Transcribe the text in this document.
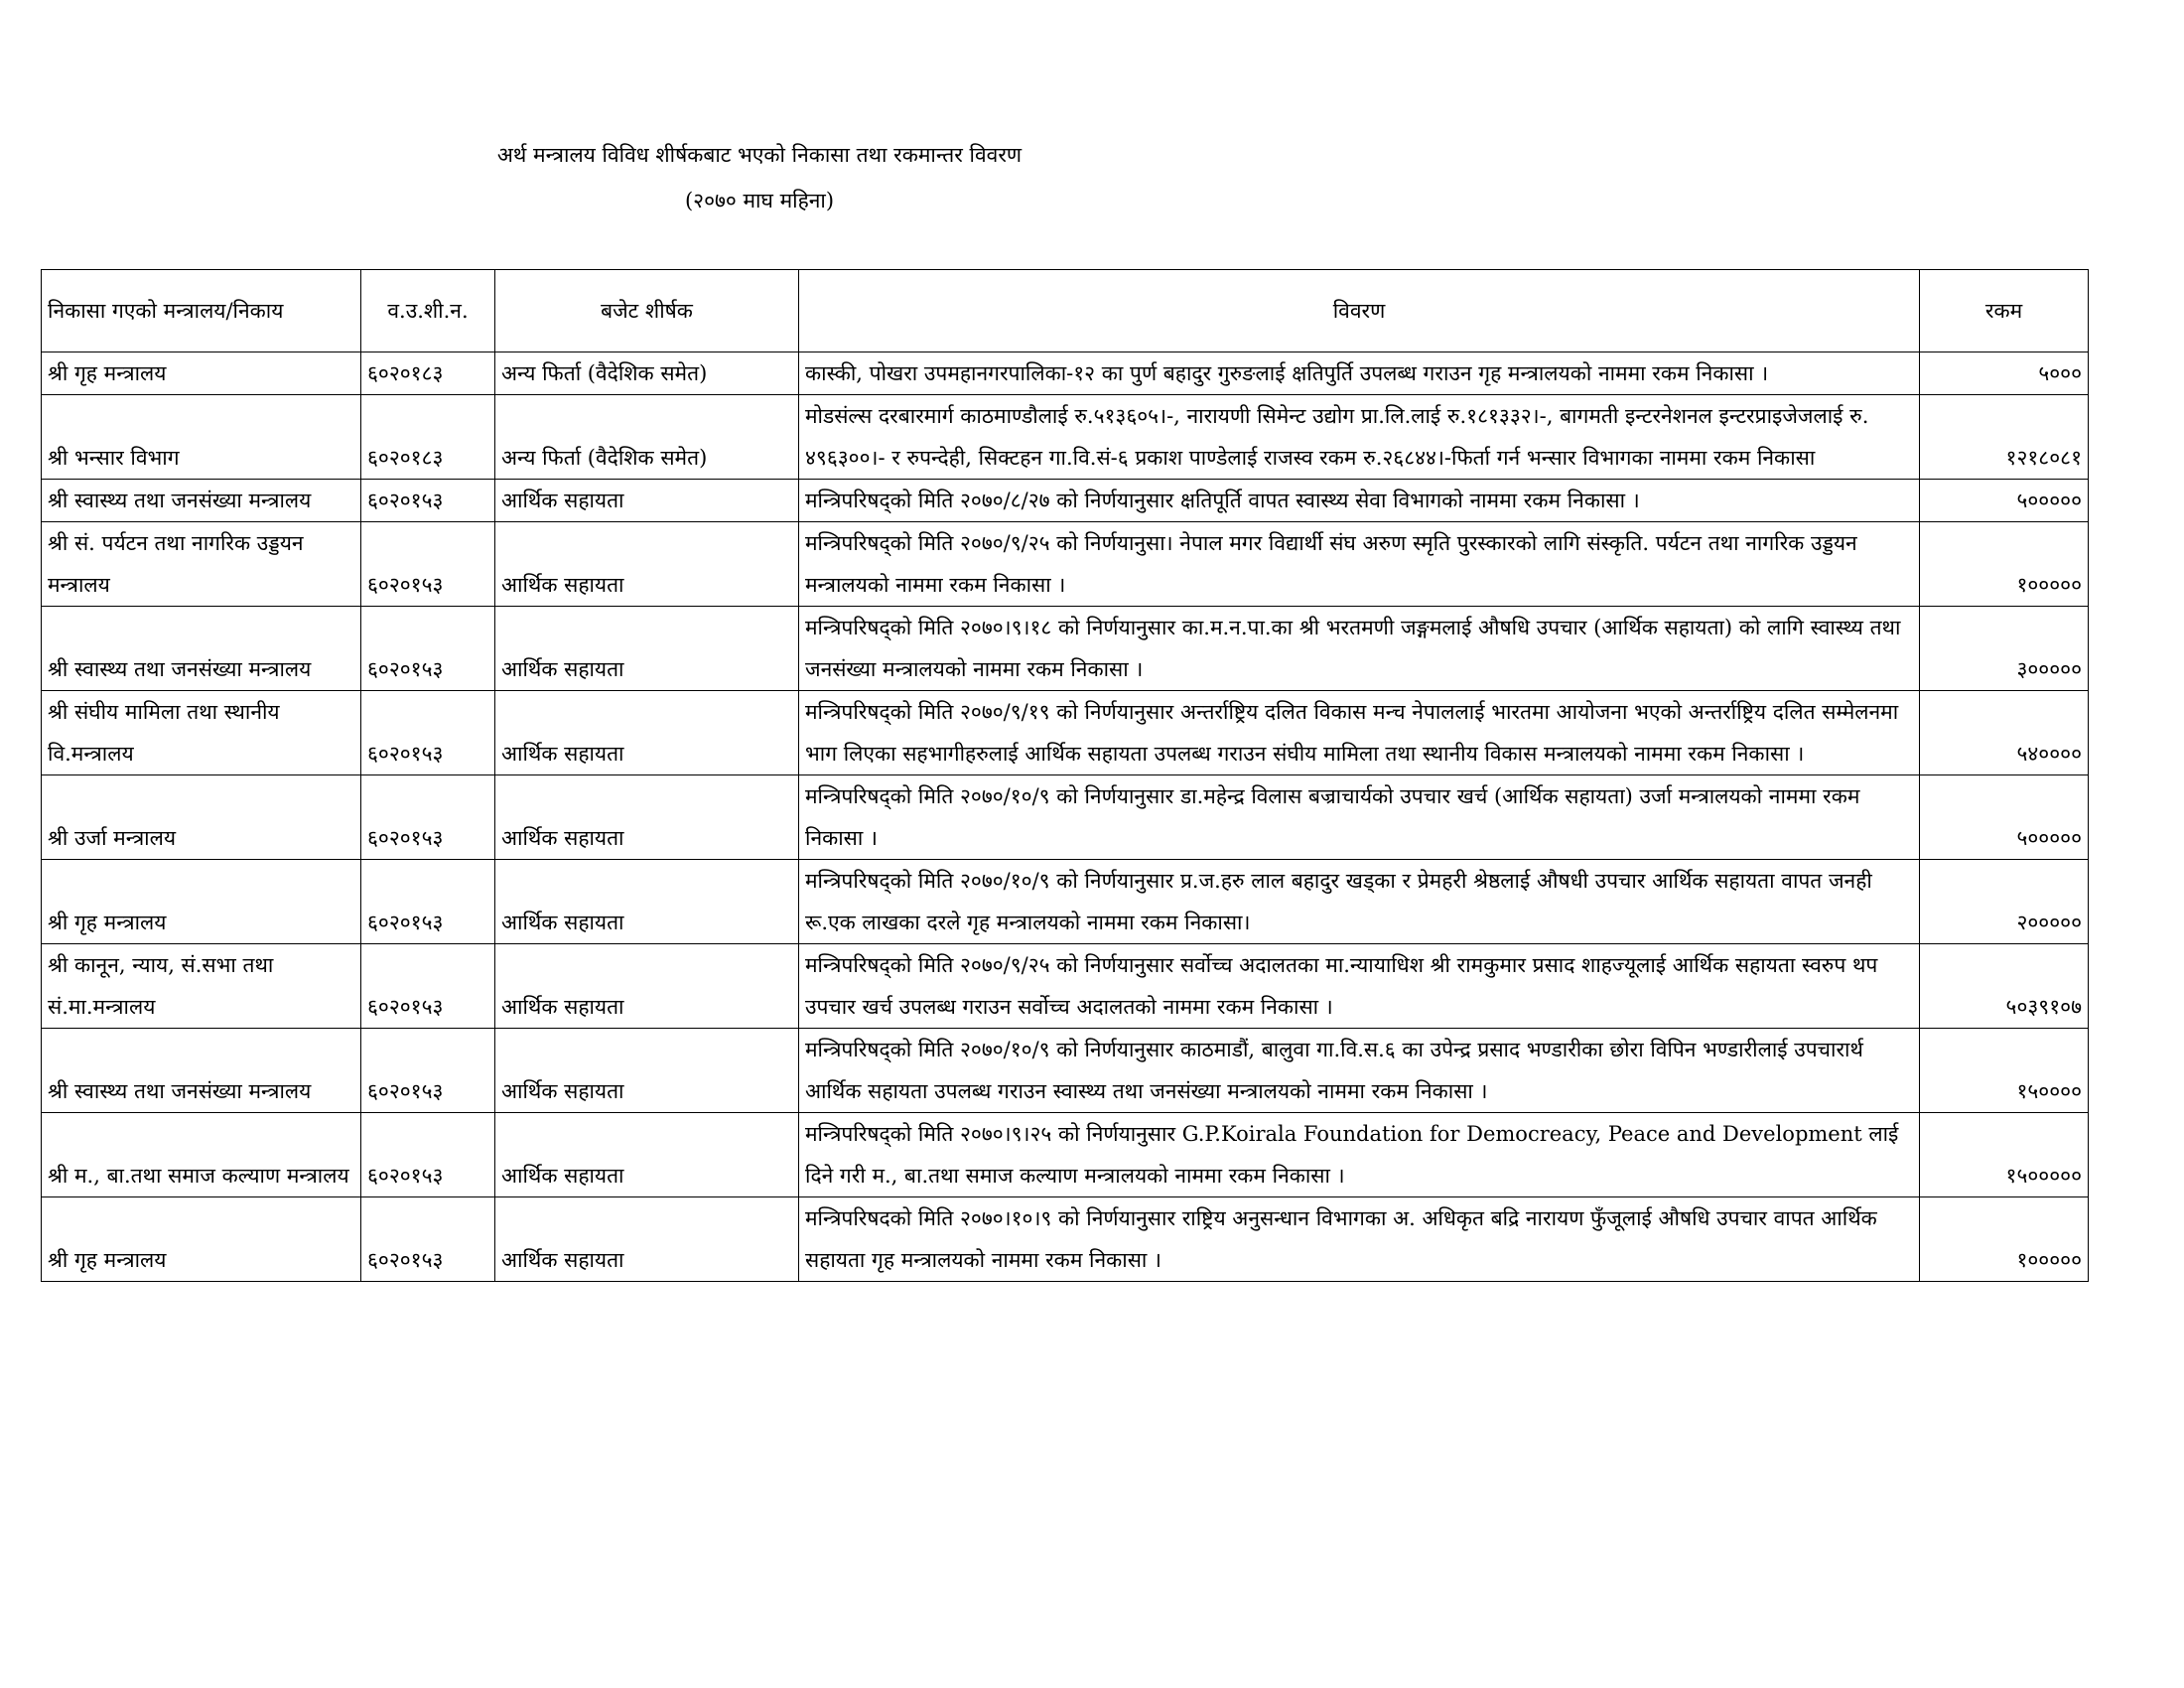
अर्थ मन्त्रालय विविध शीर्षकबाट भएको निकासा तथा रकमान्तर विवरण
(२०७० माघ महिना)
निकासा गएको मन्त्रालय/निकाय	व.उ.शी.न.	बजेट शीर्षक	विवरण	रकम
श्री गृह मन्त्रालय	६०२०१८३	अन्य फिर्ता (वैदेशिक समेत)	कास्की, पोखरा उपमहानगरपालिका-१२ का पुर्ण बहादुर गुरुङलाई क्षतिपुर्ति उपलब्ध गराउन गृह मन्त्रालयको नाममा रकम निकासा ।	५०००
श्री भन्सार विभाग	६०२०१८३	अन्य फिर्ता (वैदेशिक समेत)	मोडसंल्स दरबारमार्ग काठमाण्डौलाई रु.५१३६०५।-, नारायणी सिमेन्ट उद्योग प्रा.लि.लाई रु.१८१३३२।-, बागमती इन्टरनेशनल इन्टरप्राइजेजलाई रु. ४९६३००।- र रुपन्देही, सिक्टहन गा.वि.सं-६ प्रकाश पाण्डेलाई राजस्व रकम रु.२६८४४।-फिर्ता गर्न भन्सार विभागका नाममा रकम निकासा	१२१८०८१
श्री स्वास्थ्य तथा जनसंख्या मन्त्रालय	६०२०१५३	आर्थिक सहायता	मन्त्रिपरिषद्को मिति २०७०/८/२७ को निर्णयानुसार क्षतिपूर्ति वापत स्वास्थ्य सेवा विभागको नाममा रकम निकासा ।	५०००००
श्री सं. पर्यटन तथा नागरिक उड्डयन मन्त्रालय	६०२०१५३	आर्थिक सहायता	मन्त्रिपरिषद्को मिति २०७०/९/२५ को निर्णयानुसा। नेपाल मगर विद्यार्थी संघ अरुण स्मृति पुरस्कारको लागि संस्कृति. पर्यटन तथा नागरिक उड्डयन मन्त्रालयको नाममा रकम निकासा ।	१०००००
श्री स्वास्थ्य तथा जनसंख्या मन्त्रालय	६०२०१५३	आर्थिक सहायता	मन्त्रिपरिषद्को मिति २०७०।९।१८ को निर्णयानुसार का.म.न.पा.का श्री भरतमणी जङ्गमलाई औषधि उपचार (आर्थिक सहायता) को लागि स्वास्थ्य तथा जनसंख्या मन्त्रालयको नाममा रकम निकासा ।	३०००००
श्री संघीय मामिला तथा स्थानीय वि.मन्त्रालय	६०२०१५३	आर्थिक सहायता	मन्त्रिपरिषद्को मिति २०७०/९/१९ को निर्णयानुसार अन्तर्राष्ट्रिय दलित विकास मन्च नेपाललाई भारतमा आयोजना भएको अन्तर्राष्ट्रिय दलित सम्मेलनमा भाग लिएका सहभागीहरुलाई आर्थिक सहायता उपलब्ध गराउन संघीय मामिला तथा स्थानीय विकास मन्त्रालयको नाममा रकम निकासा ।	५४००००
श्री उर्जा मन्त्रालय	६०२०१५३	आर्थिक सहायता	मन्त्रिपरिषद्को मिति २०७०/१०/९ को निर्णयानुसार डा.महेन्द्र विलास बज्राचार्यको उपचार खर्च (आर्थिक सहायता) उर्जा मन्त्रालयको नाममा रकम निकासा ।	५०००००
श्री गृह मन्त्रालय	६०२०१५३	आर्थिक सहायता	मन्त्रिपरिषद्को मिति २०७०/१०/९ को निर्णयानुसार प्र.ज.हरु लाल बहादुर खड्का र प्रेमहरी श्रेष्ठलाई औषधी उपचार आर्थिक सहायता वापत जनही रू.एक लाखका दरले गृह मन्त्रालयको नाममा रकम निकासा।	२०००००
श्री कानून, न्याय, सं.सभा तथा सं.मा.मन्त्रालय	६०२०१५३	आर्थिक सहायता	मन्त्रिपरिषद्को मिति २०७०/९/२५ को निर्णयानुसार सर्वोच्च अदालतका मा.न्यायाधिश श्री रामकुमार प्रसाद शाहज्यूलाई आर्थिक सहायता स्वरुप थप उपचार खर्च उपलब्ध गराउन सर्वोच्च अदालतको नाममा रकम निकासा ।	५०३९१०७
श्री स्वास्थ्य तथा जनसंख्या मन्त्रालय	६०२०१५३	आर्थिक सहायता	मन्त्रिपरिषद्को मिति २०७०/१०/९ को निर्णयानुसार काठमाडौं, बालुवा गा.वि.स.६ का उपेन्द्र प्रसाद भण्डारीका छोरा विपिन भण्डारीलाई उपचारार्थ आर्थिक सहायता उपलब्ध गराउन स्वास्थ्य तथा जनसंख्या मन्त्रालयको नाममा रकम निकासा ।	१५००००
श्री म., बा.तथा समाज कल्याण मन्त्रालय	६०२०१५३	आर्थिक सहायता	मन्त्रिपरिषद्को मिति २०७०।९।२५ को निर्णयानुसार G.P.Koirala Foundation for Democreacy, Peace and Development लाई दिने गरी म., बा.तथा समाज कल्याण मन्त्रालयको नाममा रकम निकासा ।	१५०००००
श्री गृह मन्त्रालय	६०२०१५३	आर्थिक सहायता	मन्त्रिपरिषदको मिति २०७०।१०।९ को निर्णयानुसार राष्ट्रिय अनुसन्धान विभागका अ. अधिकृत बद्रि नारायण फुँजूलाई औषधि उपचार वापत आर्थिक सहायता गृह मन्त्रालयको नाममा रकम निकासा ।	१०००००
